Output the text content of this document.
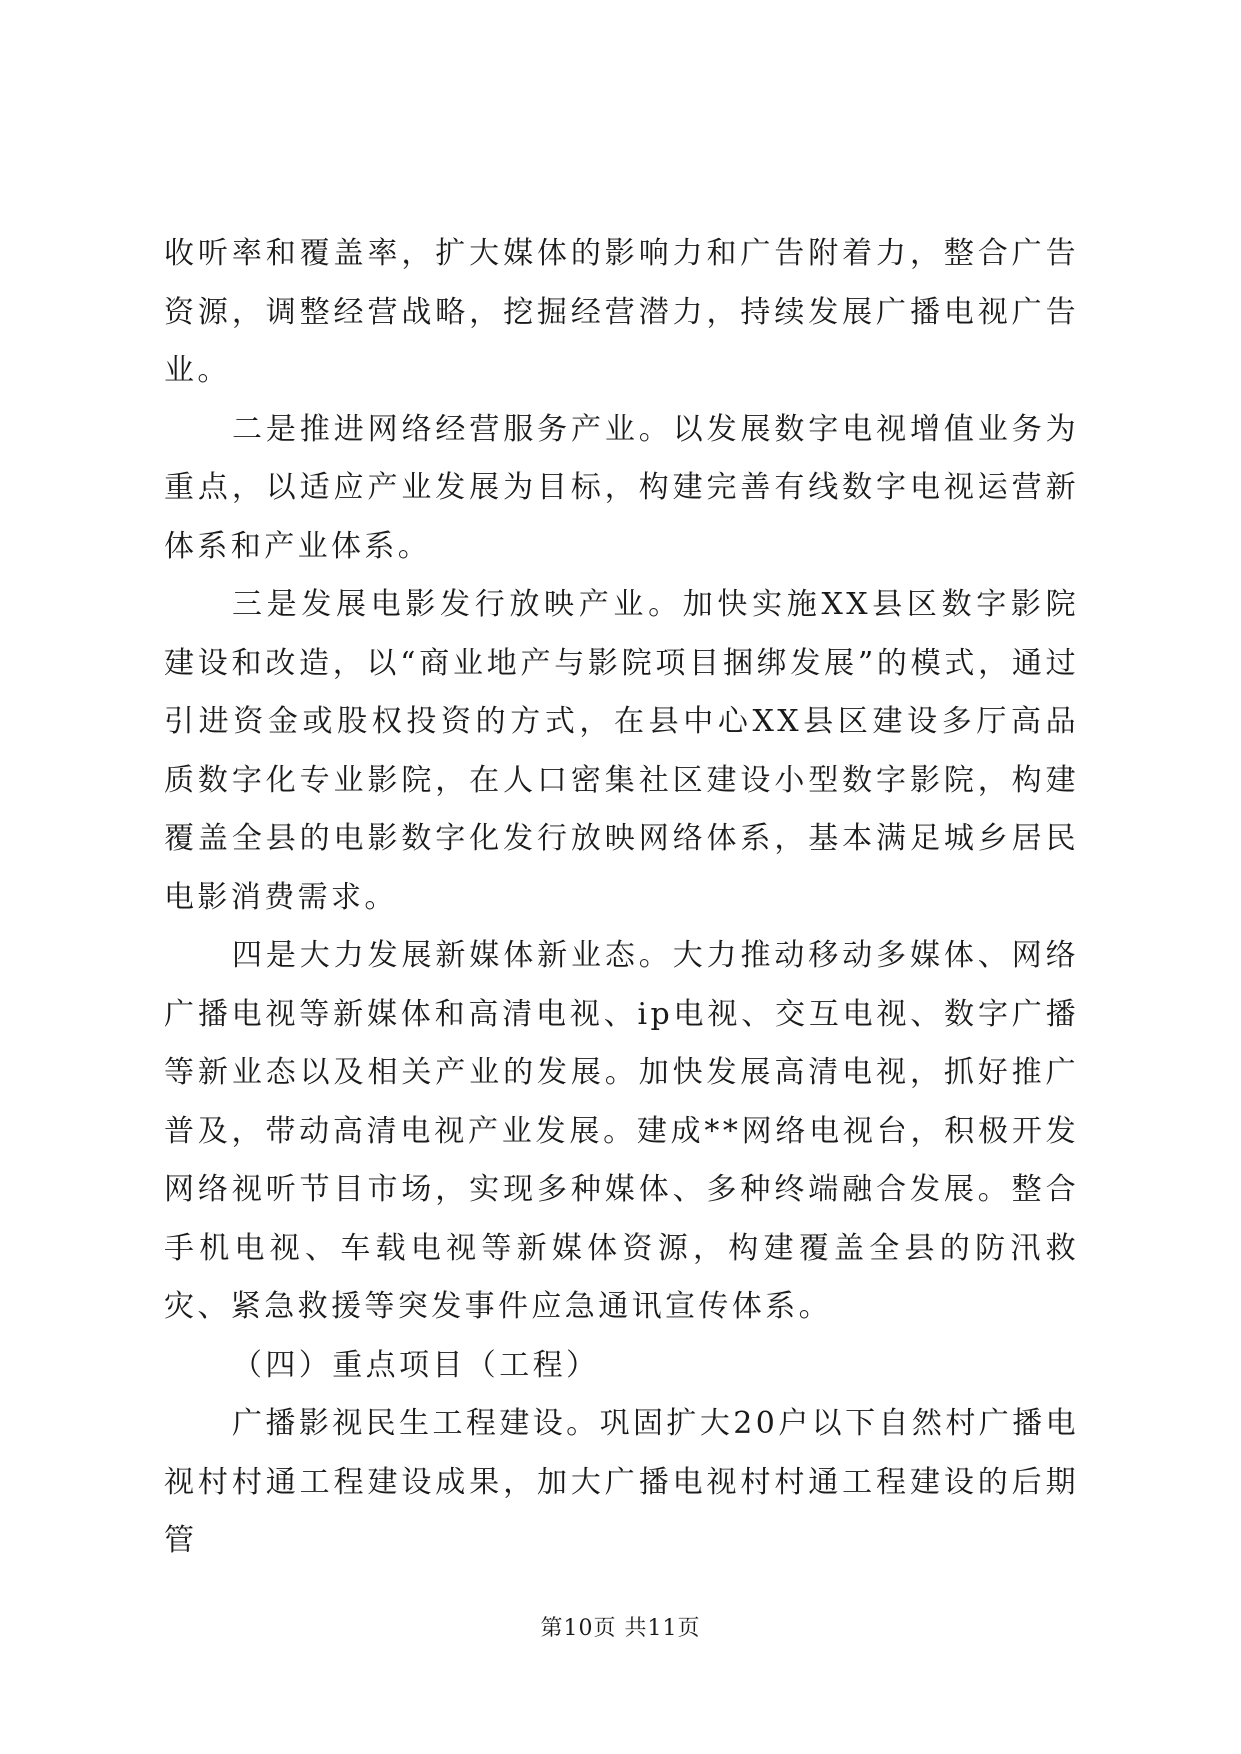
收听率和覆盖率，扩大媒体的影响力和广告附着力，整合广告资源，调整经营战略，挖掘经营潜力，持续发展广播电视广告业。

二是推进网络经营服务产业。以发展数字电视增值业务为重点，以适应产业发展为目标，构建完善有线数字电视运营新体系和产业体系。

三是发展电影发行放映产业。加快实施XX县区数字影院建设和改造，以“商业地产与影院项目捆绑发展”的模式，通过引进资金或股权投资的方式，在县中心XX县区建设多厅高品质数字化专业影院，在人口密集社区建设小型数字影院，构建覆盖全县的电影数字化发行放映网络体系，基本满足城乡居民电影消费需求。

四是大力发展新媒体新业态。大力推动移动多媒体、网络广播电视等新媒体和高清电视、ip电视、交互电视、数字广播等新业态以及相关产业的发展。加快发展高清电视，抓好推广普及，带动高清电视产业发展。建成**网络电视台，积极开发网络视听节目市场，实现多种媒体、多种终端融合发展。整合手机电视、车载电视等新媒体资源，构建覆盖全县的防汛救灾、紧急救援等突发事件应急通讯宣传体系。

（四）重点项目（工程）

广播影视民生工程建设。巩固扩大20户以下自然村广播电视村村通工程建设成果，加大广播电视村村通工程建设的后期管

第10页 共11页
